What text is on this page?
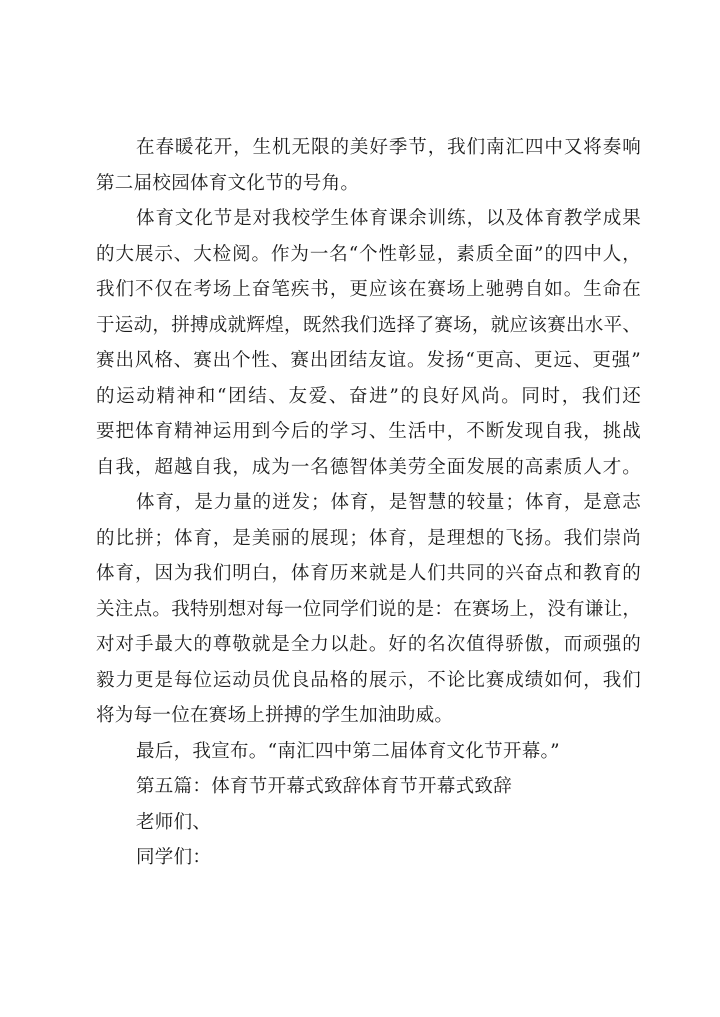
在春暖花开，生机无限的美好季节，我们南汇四中又将奏响
第二届校园体育文化节的号角。
体育文化节是对我校学生体育课余训练，以及体育教学成果
的大展示、大检阅。作为一名“个性彰显，素质全面”的四中人，
我们不仅在考场上奋笔疾书，更应该在赛场上驰骋自如。生命在
于运动，拼搏成就辉煌，既然我们选择了赛场，就应该赛出水平、
赛出风格、赛出个性、赛出团结友谊。发扬“更高、更远、更强”
的运动精神和“团结、友爱、奋进”的良好风尚。同时，我们还
要把体育精神运用到今后的学习、生活中，不断发现自我，挑战
自我，超越自我，成为一名德智体美劳全面发展的高素质人才。
体育，是力量的迸发；体育，是智慧的较量；体育，是意志
的比拼；体育，是美丽的展现；体育，是理想的飞扬。我们崇尚
体育，因为我们明白，体育历来就是人们共同的兴奋点和教育的
关注点。我特别想对每一位同学们说的是：在赛场上，没有谦让，
对对手最大的尊敬就是全力以赴。好的名次值得骄傲，而顽强的
毅力更是每位运动员优良品格的展示，不论比赛成绩如何，我们
将为每一位在赛场上拼搏的学生加油助威。
最后，我宣布。“南汇四中第二届体育文化节开幕。”
第五篇：体育节开幕式致辞体育节开幕式致辞
老师们、
同学们：
